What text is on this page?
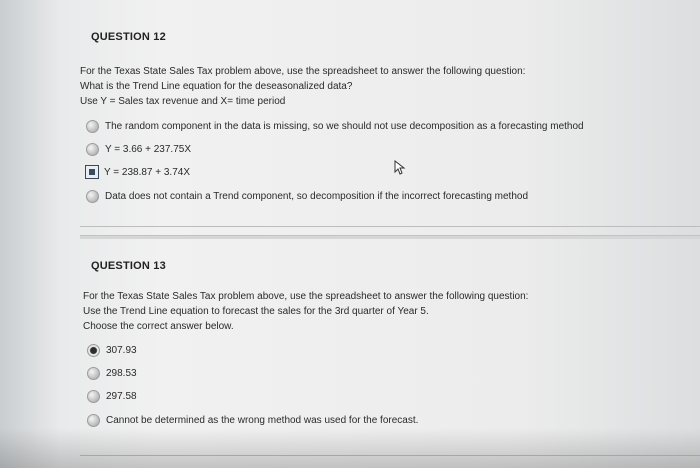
QUESTION 12
For the Texas State Sales Tax problem above, use the spreadsheet to answer the following question:
What is the Trend Line equation for the deseasonalized data?
Use Y = Sales tax revenue and X= time period
The random component in the data is missing, so we should not use decomposition as a forecasting method
Y = 3.66 + 237.75X
Y = 238.87 + 3.74X
Data does not contain a Trend component, so decomposition if the incorrect forecasting method
QUESTION 13
For the Texas State Sales Tax problem above, use the spreadsheet to answer the following question:
Use the Trend Line equation to forecast the sales for the 3rd quarter of Year 5.
Choose the correct answer below.
307.93
298.53
297.58
Cannot be determined as the wrong method was used for the forecast.
